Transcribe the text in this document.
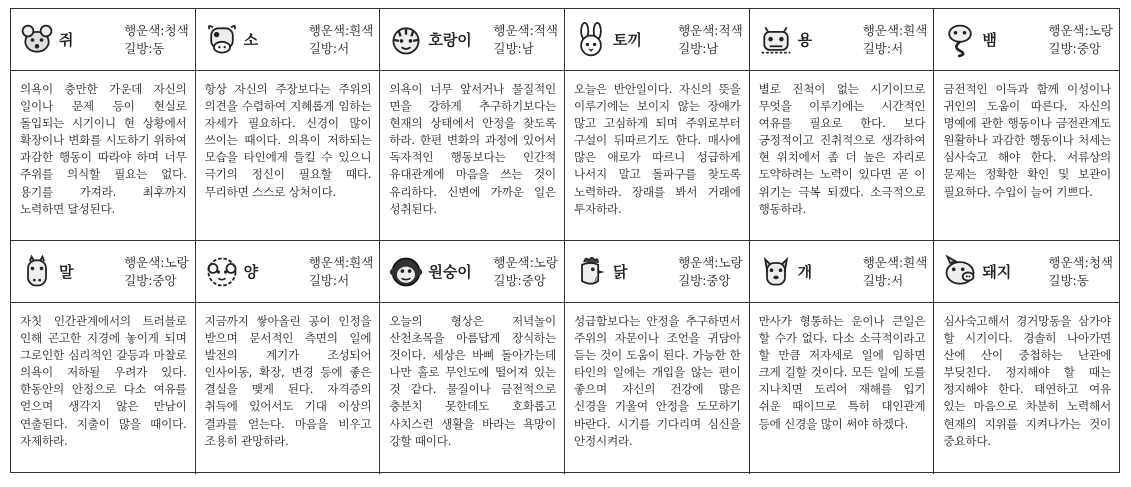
쥐
행운색:청색
길방:동
의욕이 충만한 가운데 자신의 일이나 문제 등이 현실로 돌입되는 시기이니 현 상황에서 확장이나 변화를 시도하기 위하여 과감한 행동이 따라야 하며 너무 주위를 의식할 필요는 없다. 용기를 가져라. 최후까지 노력하면 달성된다.
소
행운색:흰색
길방:서
항상 자신의 주장보다는 주위의 의견을 수렴하여 지혜롭게 임하는 자세가 필요하다. 신경이 많이 쓰이는 때이다. 의욕이 저하되는 모습을 타인에게 들킬 수 있으니 극기의 정신이 필요할 때다. 무리하면 스스로 상처이다.
호랑이
행운색:적색
길방:남
의욕이 너무 앞서거나 물질적인 면을 강하게 추구하기보다는 현재의 상태에서 안정을 찾도록 하라. 한편 변화의 과정에 있어서 독자적인 행동보다는 인간적 유대관계에 마음을 쓰는 것이 유리하다. 신변에 가까운 일은 성취된다.
토끼
행운색:적색
길방:남
오늘은 반안일이다. 자신의 뜻을 이루기에는 보이지 않는 장애가 많고 고심하게 되며 주위로부터 구설이 뒤따르기도 한다. 매사에 많은 애로가 따르니 성급하게 나서지 말고 돌파구를 찾도록 노력하라. 장래를 봐서 거래에 투자하라.
용
행운색:흰색
길방:서
별로 진척이 없는 시기이므로 무엇을 이루기에는 시간적인 여유를 필요로 한다. 보다 긍정적이고 진취적으로 생각하여 현 위치에서 좀 더 높은 자리로 도약하려는 노력이 있다면 곧 이 위기는 극복 되겠다. 소극적으로 행동하라.
뱀
행운색:노랑
길방:중앙
금전적인 이득과 함께 이성이나 귀인의 도움이 따른다. 자신의 명예에 관한 행동이나 금전관계도 원활하나 과감한 행동이나 처세는 심사숙고 해야 한다. 서류상의 문제는 정확한 확인 및 보관이 필요하다. 수입이 늘어 기쁘다.
말
행운색:노랑
길방:중앙
자칫 인간관계에서의 트러블로 인해 곤고한 지경에 놓이게 되며 그로인한 심리적인 갈등과 마찰로 의욕이 저하될 우려가 있다. 한동안의 안정으로 다소 여유를 얻으며 생각지 않은 만남이 연출된다. 지출이 많을 때이다. 자제하라.
양
행운색:흰색
길방:서
지금까지 쌓아올린 공이 인정을 받으며 문서적인 측면의 일에 발전의 계기가 조성되어 인사이동, 확장, 변경 등에 좋은 결실을 맺게 된다. 자격증의 취득에 있어서도 기대 이상의 결과를 얻는다. 마음을 비우고 조용히 관망하라.
원숭이
행운색:노랑
길방:중앙
오늘의 형상은 저녁놀이 산천초목을 아름답게 장식하는 것이다. 세상은 바삐 돌아가는데 나만 홀로 무인도에 떨어져 있는 것 같다. 물질이나 금전적으로 충분치 못한데도 호화롭고 사치스런 생활을 바라는 욕망이 강할 때이다.
닭
행운색:노랑
길방:중앙
성급함보다는 안정을 추구하면서 주위의 자문이나 조언을 귀담아 듣는 것이 도움이 된다. 가능한 한 타인의 일에는 개입을 않는 편이 좋으며 자신의 건강에 많은 신경을 기울여 안정을 도모하기 바란다. 시기를 기다리며 심신을 안정시켜라.
개
행운색:흰색
길방:서
만사가 형통하는 운이나 큰일은 할 수가 없다. 다소 소극적이라고 할 만큼 저자세로 일에 임하면 크게 길할 것이다. 모든 일에 도를 지나치면 도리어 재해를 입기 쉬운 때이므로 특히 대인관계 등에 신경을 많이 써야 하겠다.
돼지
행운색:청색
길방:동
심사숙고해서 경거망동을 삼가야 할 시기이다. 경솔히 나아가면 산에 산이 중첩하는 난관에 부딪친다. 정지해야 할 때는 정지해야 한다. 태연하고 여유 있는 마음으로 차분히 노력해서 현재의 지위를 지켜나가는 것이 중요하다.
